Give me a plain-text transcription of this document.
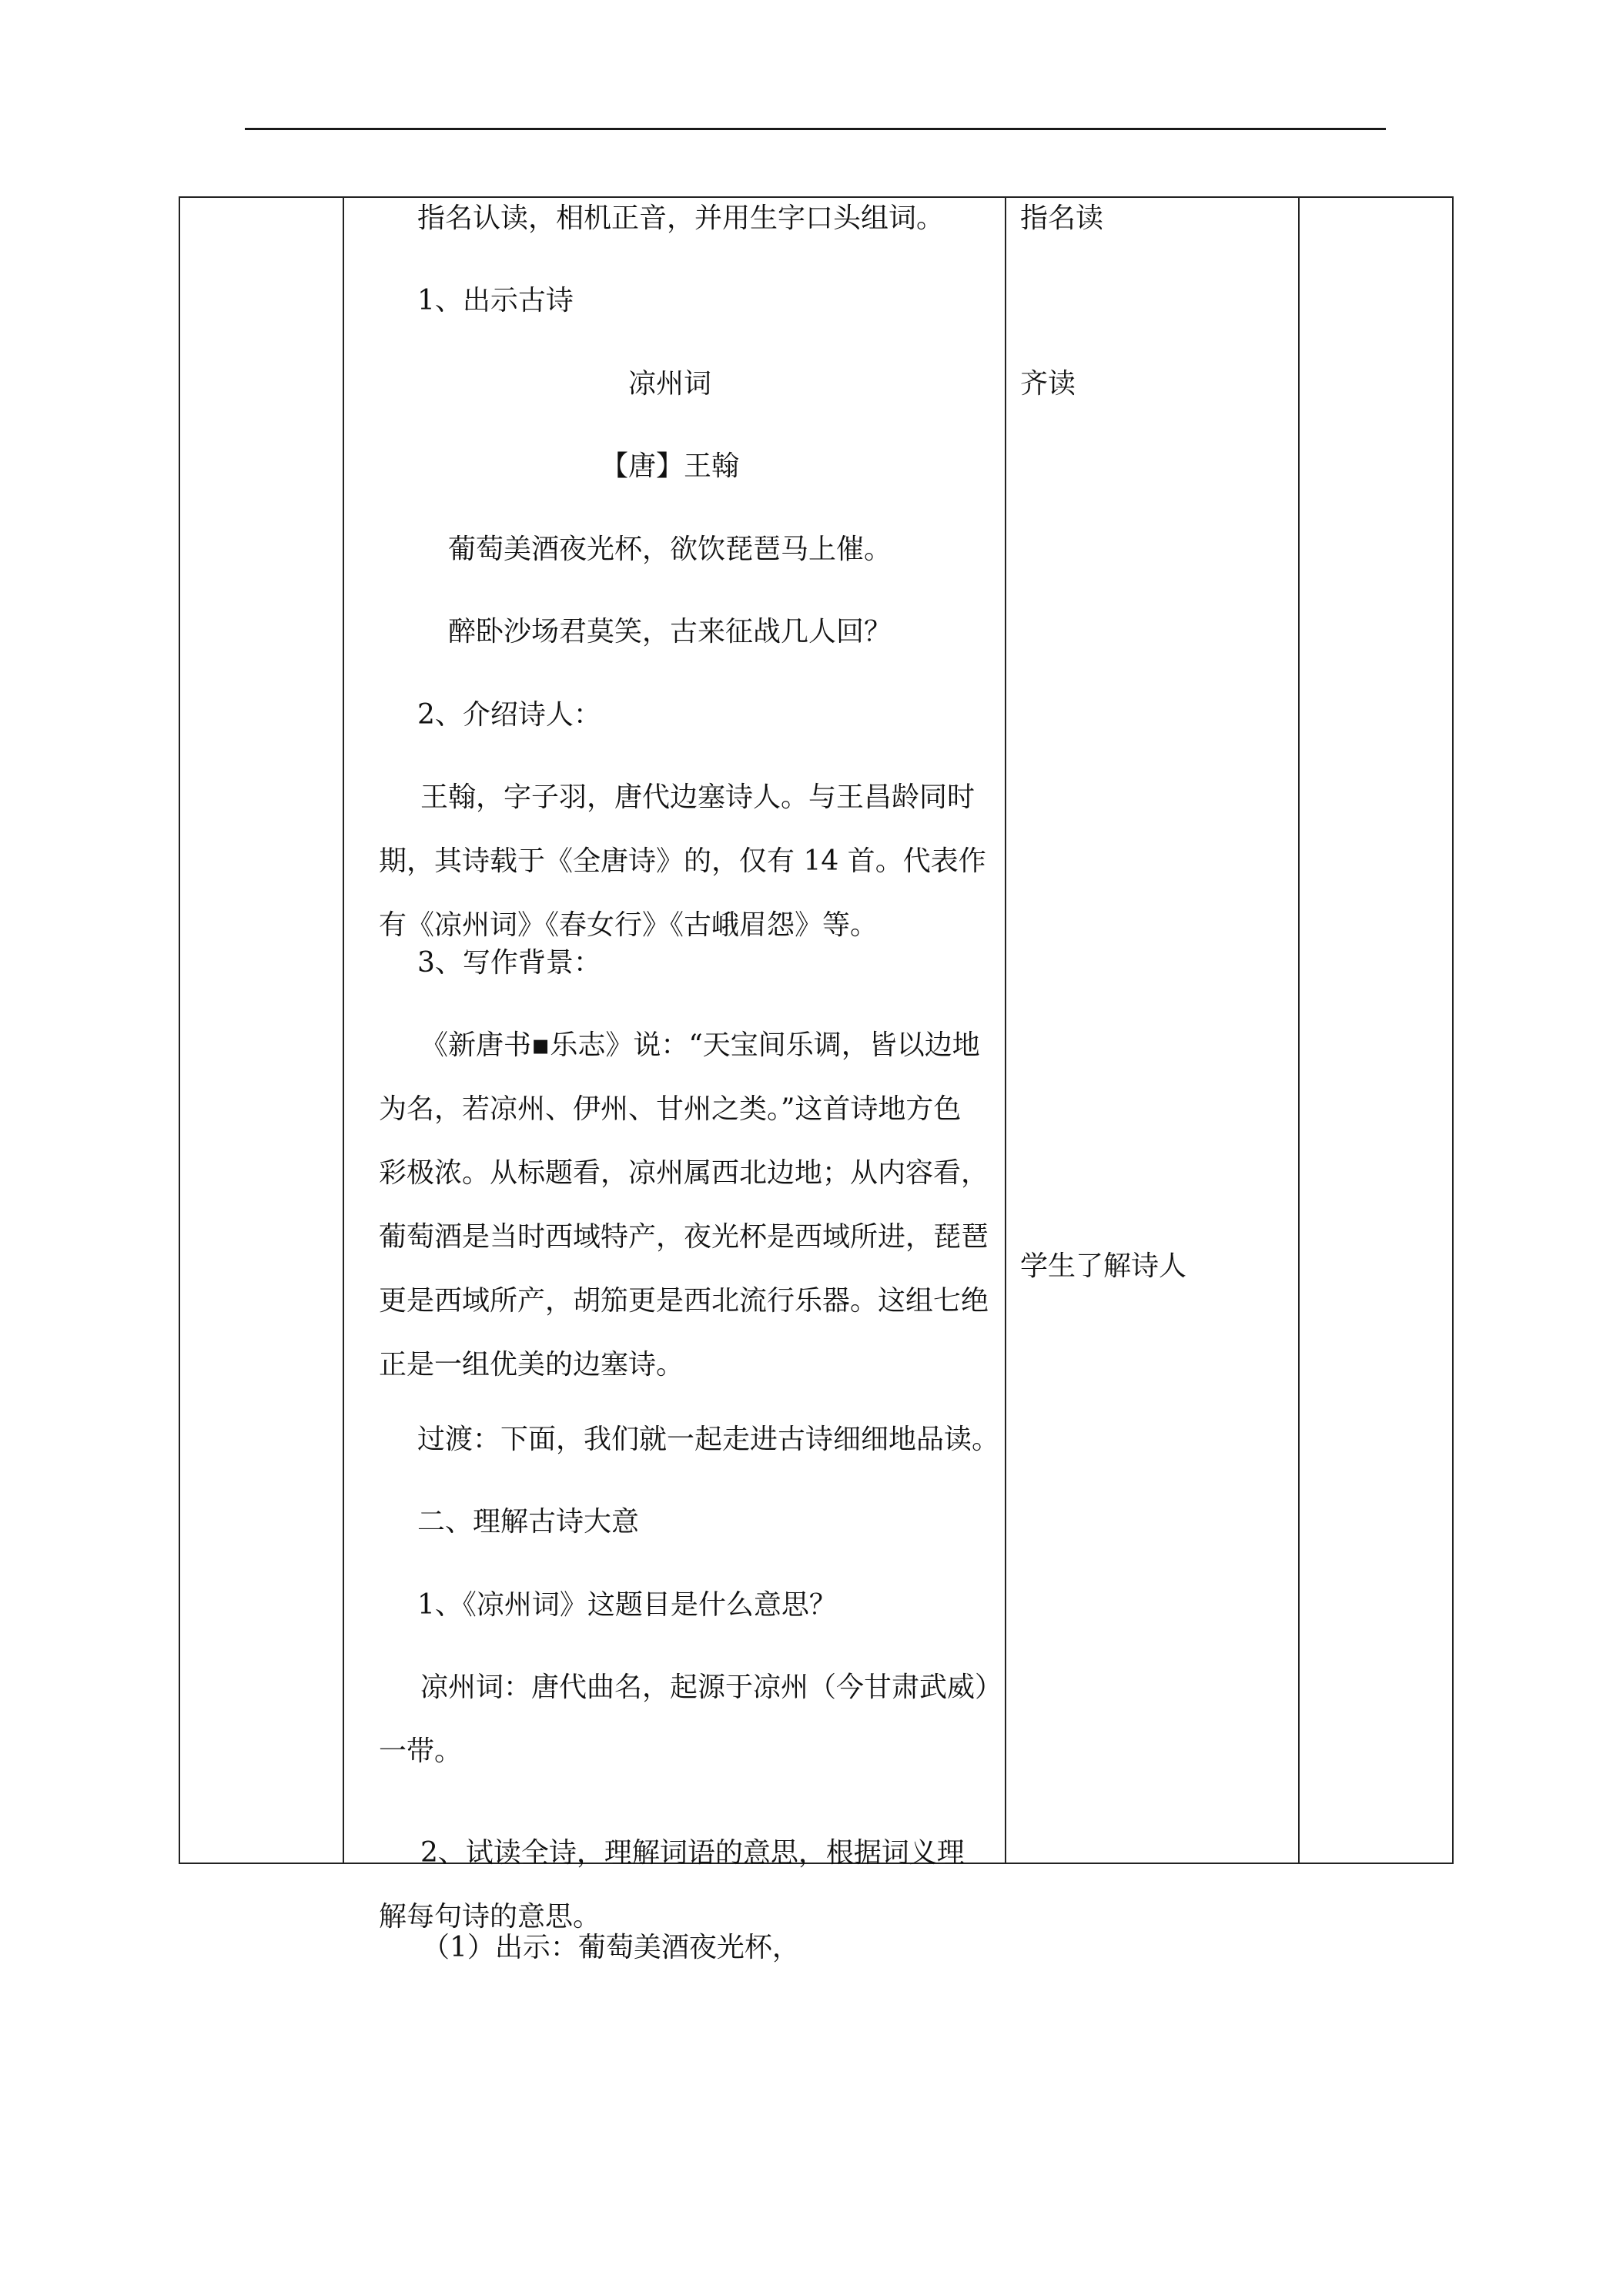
指名认读，相机正音，并用生字口头组词。
1、出示古诗
凉州词
【唐】王翰
葡萄美酒夜光杯，欲饮琵琶马上催。
醉卧沙场君莫笑，古来征战几人回？
2、介绍诗人：
王翰，字子羽，唐代边塞诗人。与王昌龄同时
期，其诗载于《全唐诗》的，仅有 14 首。代表作
有《凉州词》《春女行》《古峨眉怨》等。
3、写作背景：
《新唐书▪乐志》说：“天宝间乐调，皆以边地
为名，若凉州、伊州、甘州之类。”这首诗地方色
彩极浓。从标题看，凉州属西北边地；从内容看，
葡萄酒是当时西域特产，夜光杯是西域所进，琵琶
更是西域所产，胡笳更是西北流行乐器。这组七绝
正是一组优美的边塞诗。
过渡：下面，我们就一起走进古诗细细地品读。
二、理解古诗大意
1、《凉州词》这题目是什么意思？
凉州词：唐代曲名，起源于凉州（今甘肃武威）
一带。
2、试读全诗，理解词语的意思，根据词义理
解每句诗的意思。
（1）出示：葡萄美酒夜光杯，
指名读
齐读
学生了解诗人
